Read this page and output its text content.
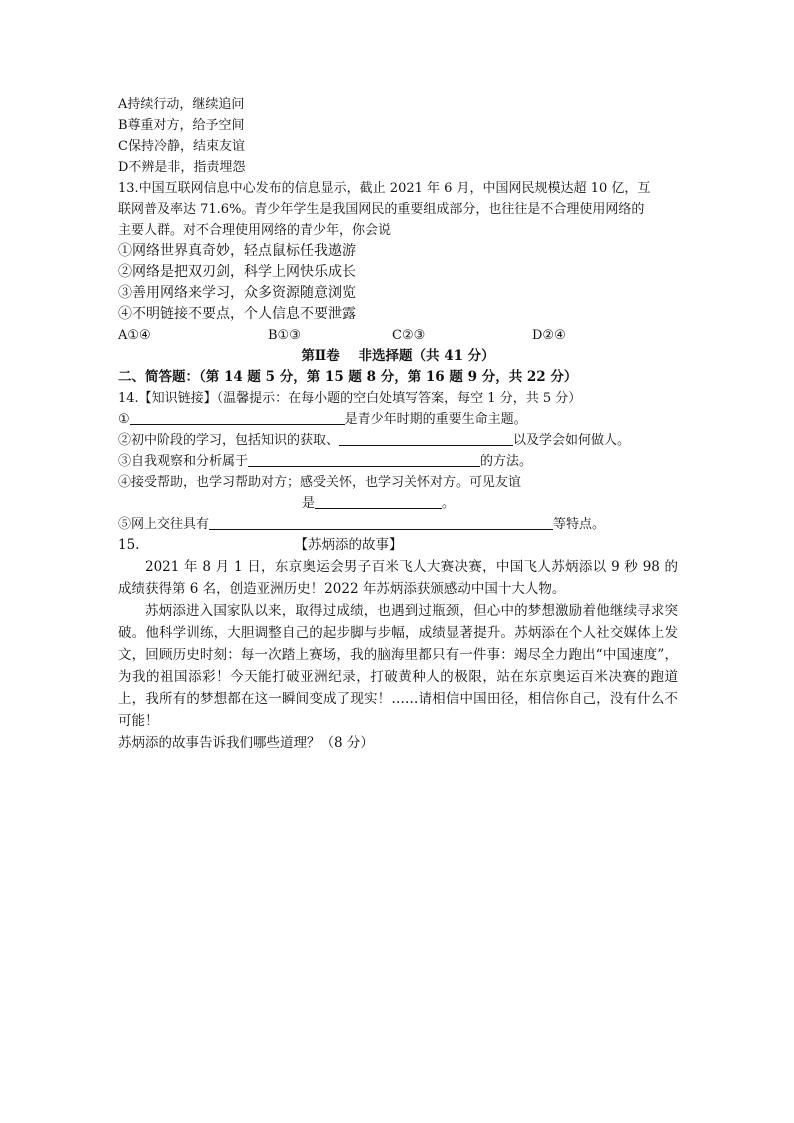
A持续行动，继续追问
B尊重对方，给予空间
C保持冷静，结束友谊
D不辨是非，指责埋怨
13.中国互联网信息中心发布的信息显示，截止 2021 年 6 月，中国网民规模达超 10 亿，互
联网普及率达 71.6%。青少年学生是我国网民的重要组成部分，也往往是不合理使用网络的
主要人群。对不合理使用网络的青少年，你会说
①网络世界真奇妙，轻点鼠标任我遨游
②网络是把双刃剑，科学上网快乐成长
③善用网络来学习，众多资源随意浏览
④不明链接不要点，个人信息不要泄露
A①④	B①③	C②③	D②④
第Ⅱ卷    非选择题（共 41 分）
二、简答题：（第 14 题 5 分，第 15 题 8 分，第 16 题 9 分，共 22 分）
14.【知识链接】（温馨提示：在每小题的空白处填写答案，每空 1 分，共 5 分）
①	是青少年时期的重要生命主题。
②初中阶段的学习，包括知识的获取、	以及学会如何做人。
③自我观察和分析属于	的方法。
④接受帮助，也学习帮助对方；感受关怀，也学习关怀对方。可见友谊
是	。
⑤网上交往具有	等特点。
15.	【苏炳添的故事】
2021 年 8 月 1 日，东京奥运会男子百米飞人大赛决赛，中国飞人苏炳添以 9 秒 98 的成绩获得第 6 名，创造亚洲历史！2022 年苏炳添获颁感动中国十大人物。
苏炳添进入国家队以来，取得过成绩，也遇到过瓶颈，但心中的梦想激励着他继续寻求突破。他科学训练，大胆调整自己的起步脚与步幅，成绩显著提升。苏炳添在个人社交媒体上发文，回顾历史时刻：每一次踏上赛场，我的脑海里都只有一件事：竭尽全力跑出“中国速度”，为我的祖国添彩！今天能打破亚洲纪录，打破黄种人的极限，站在东京奥运百米决赛的跑道上，我所有的梦想都在这一瞬间变成了现实！……请相信中国田径，相信你自己，没有什么不可能！
苏炳添的故事告诉我们哪些道理？（8 分）
